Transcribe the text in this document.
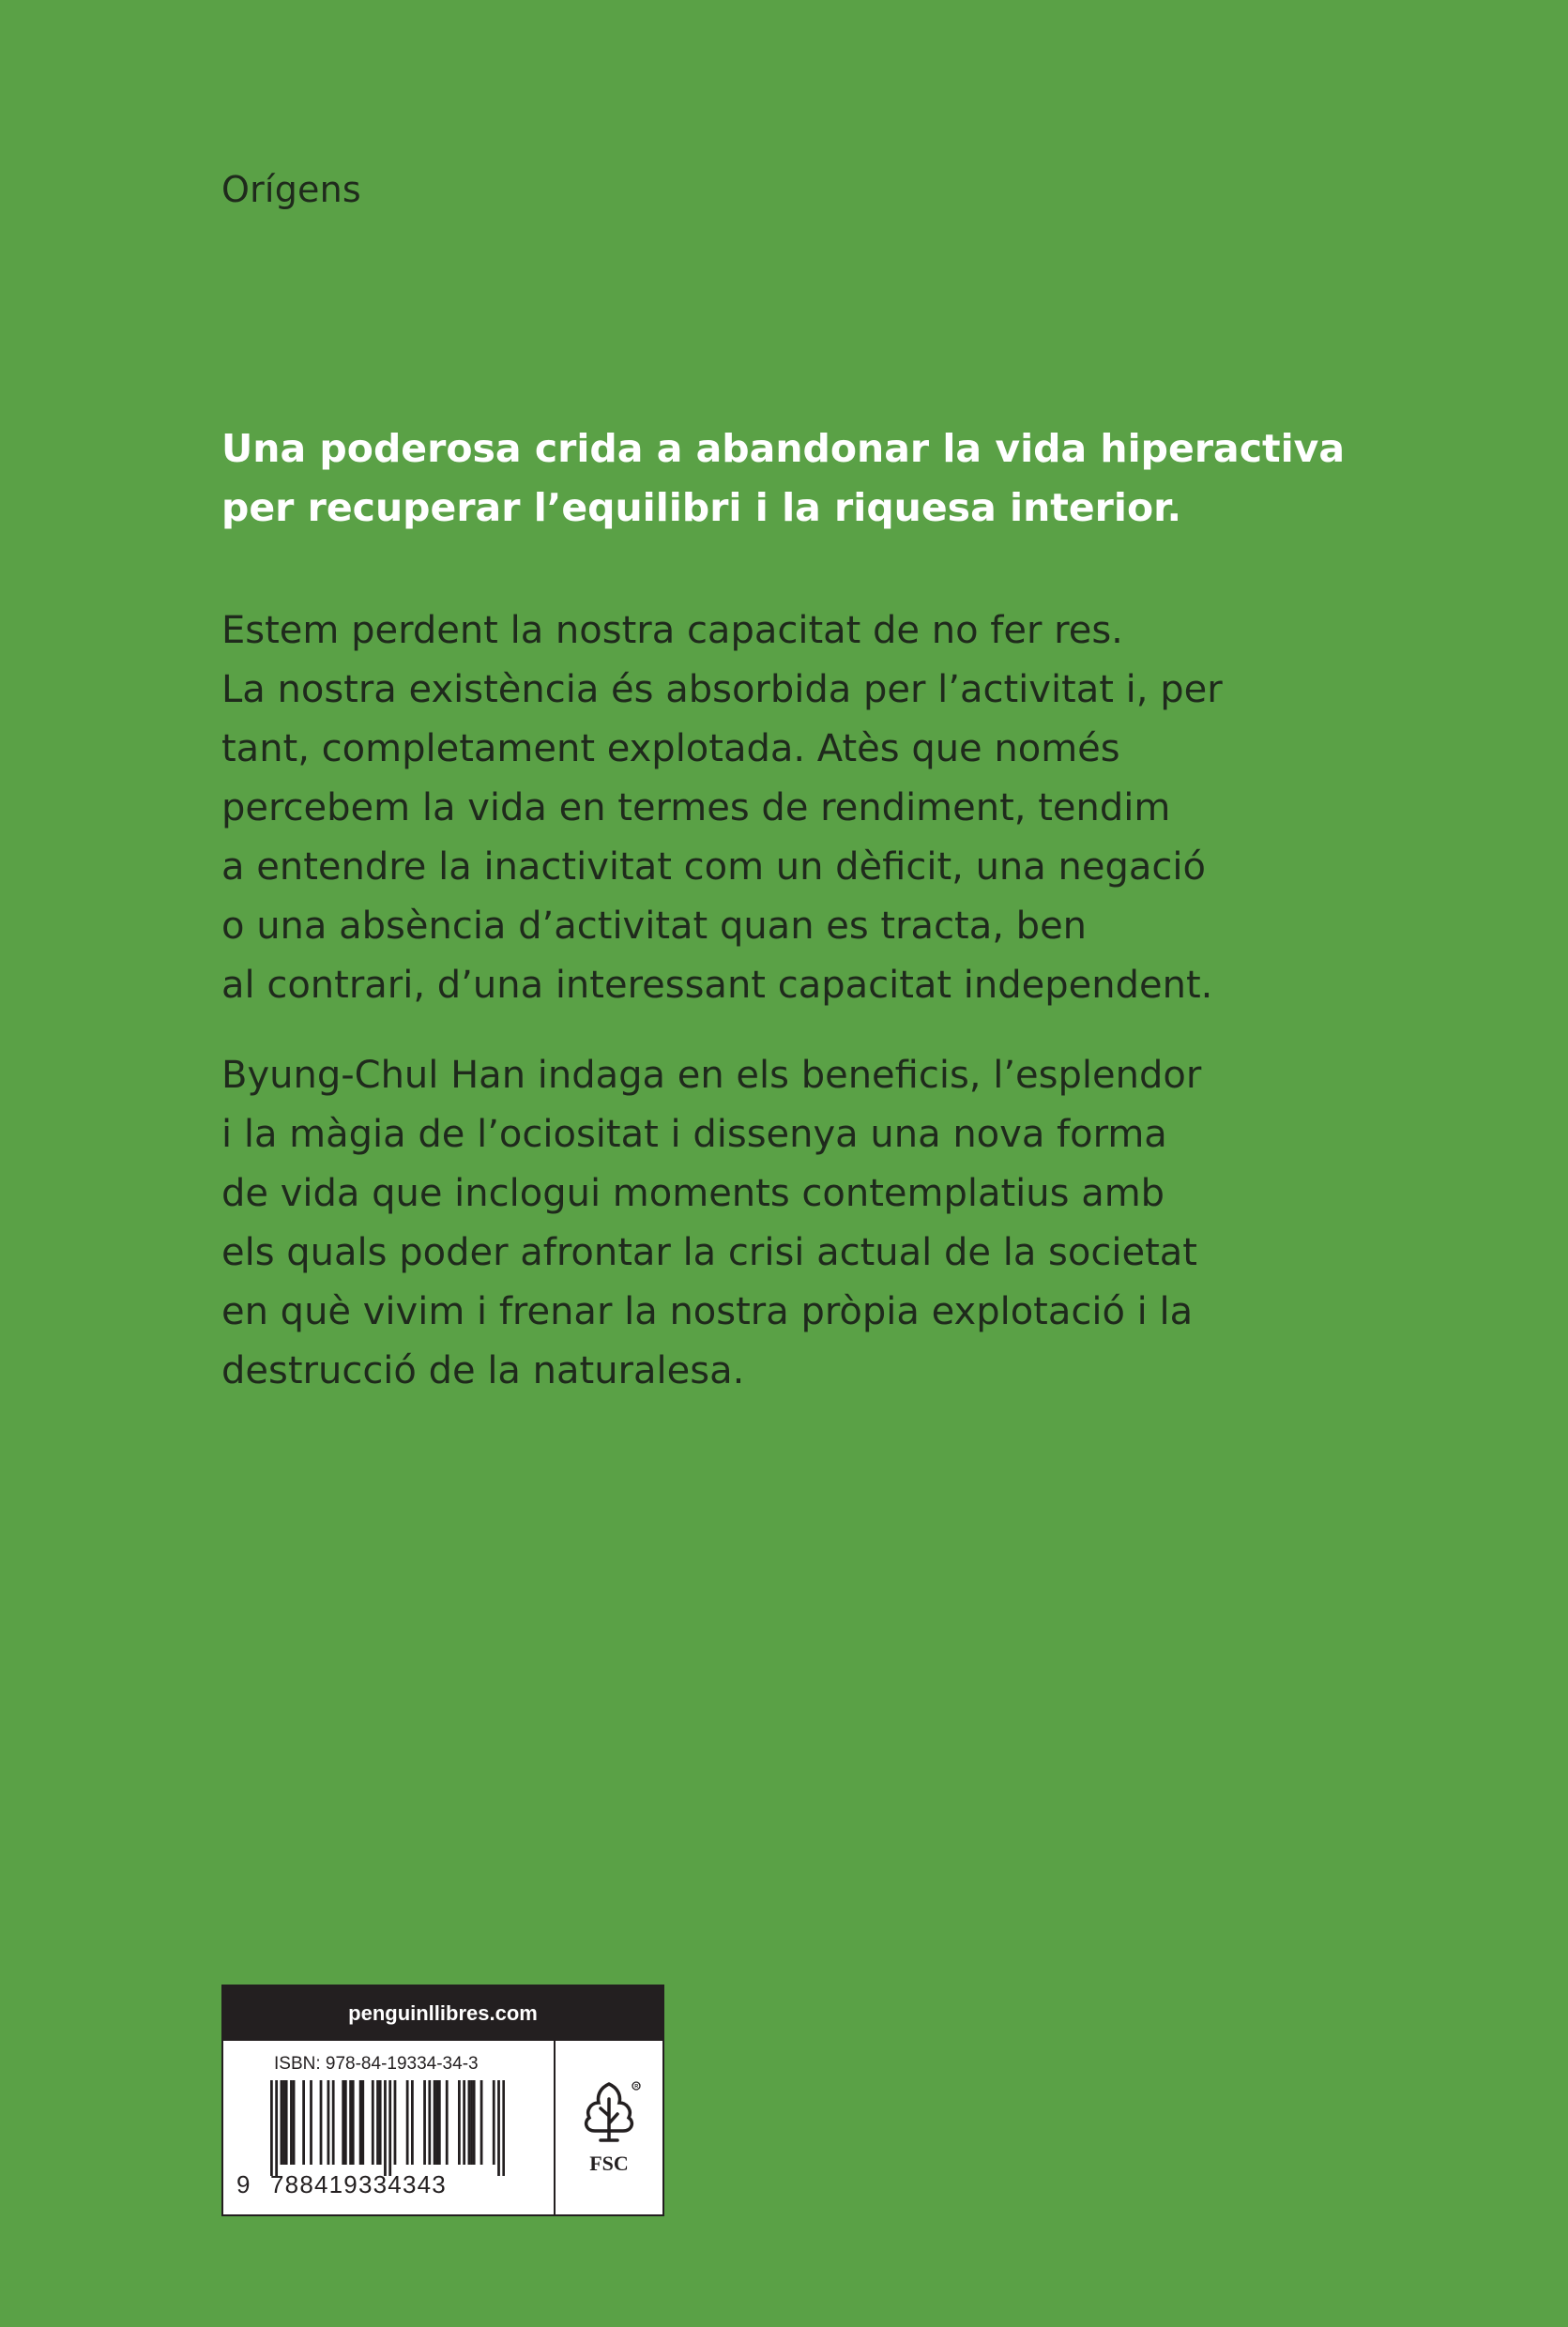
Orígens
Una poderosa crida a abandonar la vida hiperactiva
per recuperar l’equilibri i la riquesa interior.

Estem perdent la nostra capacitat de no fer res.
La nostra existència és absorbida per l’activitat i, per
tant, completament explotada. Atès que només
percebem la vida en termes de rendiment, tendim
a entendre la inactivitat com un dèficit, una negació
o una absència d’activitat quan es tracta, ben
al contrari, d’una interessant capacitat independent.

Byung-Chul Han indaga en els beneficis, l’esplendor
i la màgia de l’ociositat i dissenya una nova forma
de vida que inclogui moments contemplatius amb
els quals poder afrontar la crisi actual de la societat
en què vivim i frenar la nostra pròpia explotació i la
destrucció de la naturalesa.

penguinllibres.com
ISBN: 978-84-19334-34-3
9 788419334343
R
FSC
